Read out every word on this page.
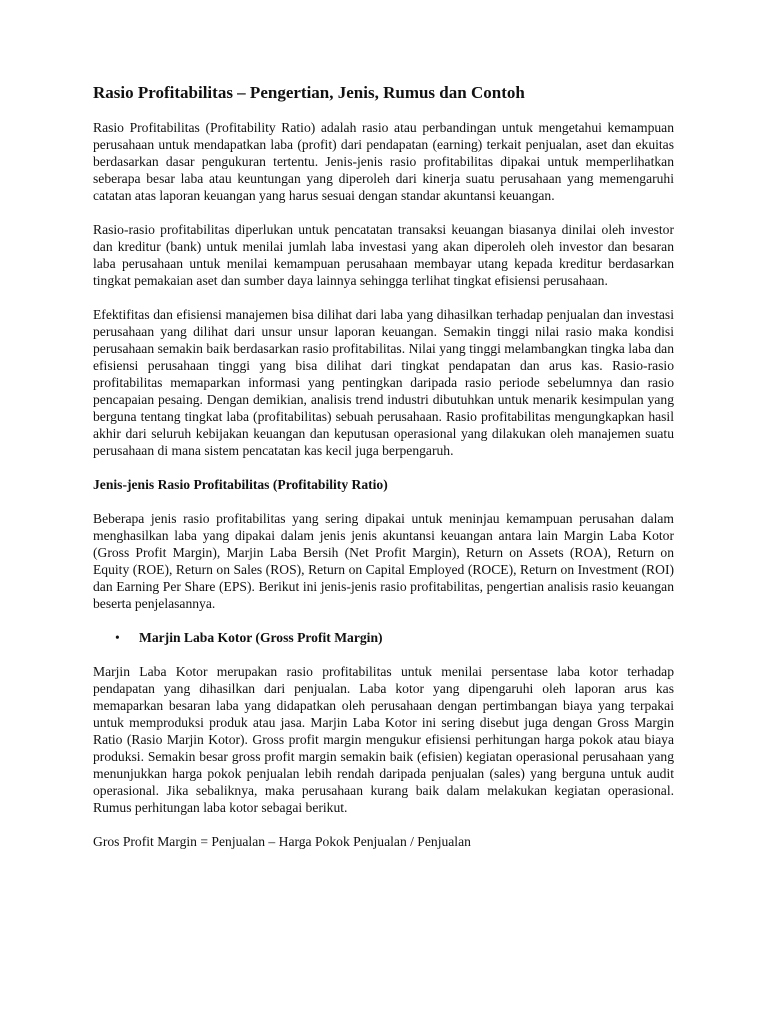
Rasio Profitabilitas – Pengertian, Jenis, Rumus dan Contoh

Rasio Profitabilitas (Profitability Ratio) adalah rasio atau perbandingan untuk mengetahui kemampuan perusahaan untuk mendapatkan laba (profit) dari pendapatan (earning) terkait penjualan, aset dan ekuitas berdasarkan dasar pengukuran tertentu. Jenis-jenis rasio profitabilitas dipakai untuk memperlihatkan seberapa besar laba atau keuntungan yang diperoleh dari kinerja suatu perusahaan yang memengaruhi catatan atas laporan keuangan yang harus sesuai dengan standar akuntansi keuangan.

Rasio-rasio profitabilitas diperlukan untuk pencatatan transaksi keuangan biasanya dinilai oleh investor dan kreditur (bank) untuk menilai jumlah laba investasi yang akan diperoleh oleh investor dan besaran laba perusahaan untuk menilai kemampuan perusahaan membayar utang kepada kreditur berdasarkan tingkat pemakaian aset dan sumber daya lainnya sehingga terlihat tingkat efisiensi perusahaan.

Efektifitas dan efisiensi manajemen bisa dilihat dari laba yang dihasilkan terhadap penjualan dan investasi perusahaan yang dilihat dari unsur unsur laporan keuangan. Semakin tinggi nilai rasio maka kondisi perusahaan semakin baik berdasarkan rasio profitabilitas. Nilai yang tinggi melambangkan tingka laba dan efisiensi perusahaan tinggi yang bisa dilihat dari tingkat pendapatan dan arus kas. Rasio-rasio profitabilitas memaparkan informasi yang pentingkan daripada rasio periode sebelumnya dan rasio pencapaian pesaing. Dengan demikian, analisis trend industri dibutuhkan untuk menarik kesimpulan yang berguna tentang tingkat laba (profitabilitas) sebuah perusahaan. Rasio profitabilitas mengungkapkan hasil akhir dari seluruh kebijakan keuangan dan keputusan operasional yang dilakukan oleh manajemen suatu perusahaan di mana sistem pencatatan kas kecil juga berpengaruh.

Jenis-jenis Rasio Profitabilitas (Profitability Ratio)

Beberapa jenis rasio profitabilitas yang sering dipakai untuk meninjau kemampuan perusahan dalam menghasilkan laba yang dipakai dalam jenis jenis akuntansi keuangan antara lain Margin Laba Kotor (Gross Profit Margin), Marjin Laba Bersih (Net Profit Margin), Return on Assets (ROA), Return on Equity (ROE), Return on Sales (ROS), Return on Capital Employed (ROCE), Return on Investment (ROI) dan Earning Per Share (EPS). Berikut ini jenis-jenis rasio profitabilitas, pengertian analisis rasio keuangan beserta penjelasannya.

• Marjin Laba Kotor (Gross Profit Margin)

Marjin Laba Kotor merupakan rasio profitabilitas untuk menilai persentase laba kotor terhadap pendapatan yang dihasilkan dari penjualan. Laba kotor yang dipengaruhi oleh laporan arus kas memaparkan besaran laba yang didapatkan oleh perusahaan dengan pertimbangan biaya yang terpakai untuk memproduksi produk atau jasa. Marjin Laba Kotor ini sering disebut juga dengan Gross Margin Ratio (Rasio Marjin Kotor). Gross profit margin mengukur efisiensi perhitungan harga pokok atau biaya produksi. Semakin besar gross profit margin semakin baik (efisien) kegiatan operasional perusahaan yang menunjukkan harga pokok penjualan lebih rendah daripada penjualan (sales) yang berguna untuk audit operasional. Jika sebaliknya, maka perusahaan kurang baik dalam melakukan kegiatan operasional. Rumus perhitungan laba kotor sebagai berikut.

Gros Profit Margin = Penjualan – Harga Pokok Penjualan / Penjualan
